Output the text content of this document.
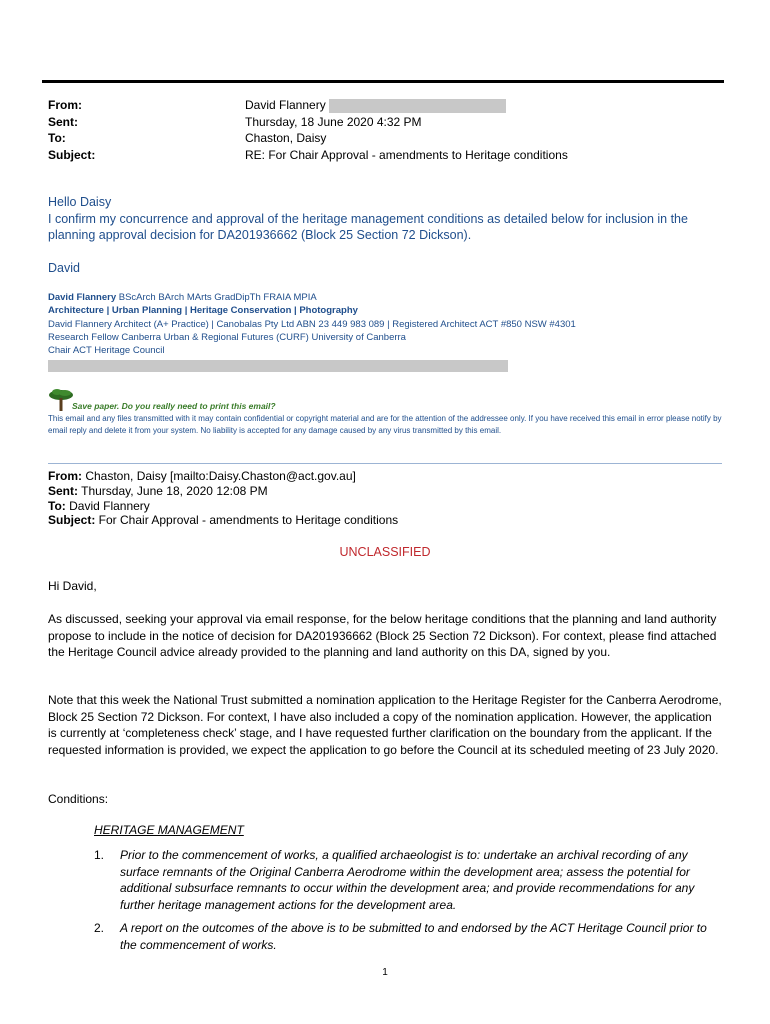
From:	David Flannery
Sent:	Thursday, 18 June 2020 4:32 PM
To:	Chaston, Daisy
Subject:	RE: For Chair Approval - amendments to Heritage conditions

Hello Daisy

I confirm my concurrence and approval of the heritage management conditions as detailed below for inclusion in the planning approval decision for DA201936662 (Block 25 Section 72 Dickson).

David

David Flannery BScArch BArch MArts GradDipTh FRAIA MPIA
Architecture | Urban Planning | Heritage Conservation | Photography
David Flannery Architect (A+ Practice) | Canobalas Pty Ltd ABN 23 449 983 089 | Registered Architect ACT #850 NSW #4301
Research Fellow Canberra Urban & Regional Futures (CURF) University of Canberra
Chair ACT Heritage Council
Save paper. Do you really need to print this email?
This email and any files transmitted with it may contain confidential or copyright material and are for the attention of the addressee only. If you have received this email in error please notify by email reply and delete it from your system. No liability is accepted for any damage caused by any virus transmitted by this email.
From: Chaston, Daisy [mailto:Daisy.Chaston@act.gov.au]
Sent: Thursday, June 18, 2020 12:08 PM
To: David Flannery
Subject: For Chair Approval - amendments to Heritage conditions
UNCLASSIFIED
Hi David,
As discussed, seeking your approval via email response, for the below heritage conditions that the planning and land authority propose to include in the notice of decision for DA201936662 (Block 25 Section 72 Dickson). For context, please find attached the Heritage Council advice already provided to the planning and land authority on this DA, signed by you.
Note that this week the National Trust submitted a nomination application to the Heritage Register for the Canberra Aerodrome, Block 25 Section 72 Dickson. For context, I have also included a copy of the nomination application. However, the application is currently at ‘completeness check’ stage, and I have requested further clarification on the boundary from the applicant. If the requested information is provided, we expect the application to go before the Council at its scheduled meeting of 23 July 2020.
Conditions:
HERITAGE MANAGEMENT
1.	Prior to the commencement of works, a qualified archaeologist is to: undertake an archival recording of any surface remnants of the Original Canberra Aerodrome within the development area; assess the potential for additional subsurface remnants to occur within the development area; and provide recommendations for any further heritage management actions for the development area.
2.	A report on the outcomes of the above is to be submitted to and endorsed by the ACT Heritage Council prior to the commencement of works.
1
